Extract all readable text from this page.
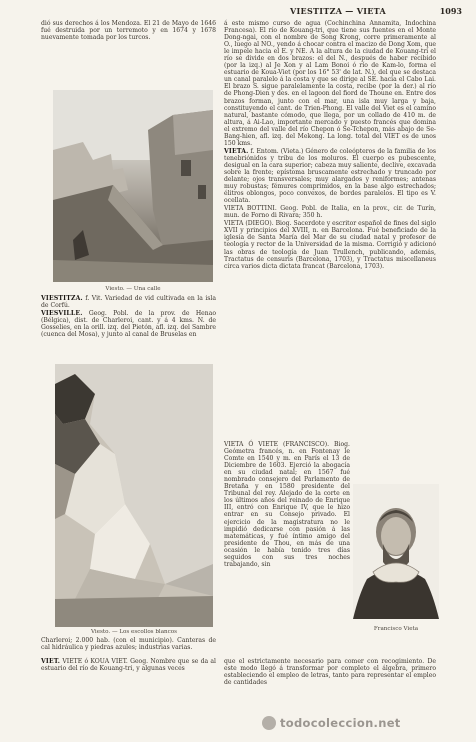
VIESTITZA — VIETA	1093

dió sus derechos á los Mendoza. El 21 de Mayo de 1646 fué destruida por un terremoto y en 1674 y 1678 nuevamente tomada por los turcos.

Viesto. — Una calle

VIESTITZA. f. Vit. Variedad de vid cultivada en la isla de Corfú.

VIESVILLE. Geog. Pobl. de la prov. de Henao (Bélgica), dist. de Charleroi, cant. y á 4 kms. N. de Gosselies, en la orill. izq. del Pietón, afl. izq. del Sambre (cuenca del Mosa), y junto al canal de Bruselas en

Viesto. — Los escollos blancos

Charleroi; 2.000 hab. (con el municipio). Canteras de cal hidráulica y piedras azules; industrias varias.

VIET. VIETE ó KOUA VIET. Geog. Nombre que se da al estuario del río de Kouang-tri, y algunas veces

á este mismo curso de agua (Cochinchina Annamita, Indochina Francesa). El río de Kouang-tri, que tiene sus fuentes en el Monte Dong-ngai, con el nombre de Song Krong, corre primeramente al O., luego al NO., yendo á chocar contra el macizo de Dong Xom, que le impele hacia el E. y NE. A la altura de la ciudad de Kouang-tri el río se divide en dos brazos: el del N., después de haber recibido (por la izq.) al Je Xon y al Lam Bonoi ó río de Kam-lo, forma el estuario de Koua-Viet (por los 16° 53' de lat. N.), del que se destaca un canal paralelo á la costa y que se dirige al SE. hacia el Cabo Lai. El brazo S. sigue paralelamente la costa, recibe (por la der.) al río de Phong-Dien y des. en el lagoon del fiord de Thoune en. Entre dos brazos forman, junto con el mar, una isla muy larga y baja, constituyendo el cant. de Trien-Phong. El valle del Viet es el camino natural, bastante cómodo, que llega, por un collado de 410 m. de altura, á Ai-Lao, importante mercado y puesto francés que domina el extremo del valle del río Chepon ó Se-Tchepon, más abajo de Se-Bang-hien, afl. izq. del Mekong. La long. total del VIET es de unos 150 kms.

VIETA. f. Entom. (Vieta.) Género de coleópteros de la familia de los tenebriónidos y tribu de los moluros. El cuerpo es pubescente, desigual en la cara superior; cabeza muy saliente, declive, excavada sobre la frente; epístoma bruscamente estrechado y truncado por delante; ojos transversales; muy alargados y reniformes; antenas muy robustas; fémures comprimidos, en la base algo estrechados; élitros oblongos, poco convexos, de bordes paralelos. El tipo es V. ocellata.

VIETA BOTTINI. Geog. Pobl. de Italia, en la prov., cir. de Turín, mun. de Forno di Rivara; 350 h.

VIETA (DIEGO). Biog. Sacerdote y escritor español de fines del siglo XVII y principios del XVIII, n. en Barcelona. Fué beneficiado de la iglesia de Santa María del Mar de su ciudad natal y profesor de teología y rector de la Universidad de la misma. Corrigió y adicionó las obras de teología de Juan Trullench, publicando, además, Tractatus de censuris (Barcelona, 1703), y Tractatus miscellaneus circa varios dicta dictata francat (Barcelona, 1703).

VIETA Ó VIETE (FRANCISCO). Biog. Geómetra francés, n. en Fontenay le Comte en 1540 y m. en París el 13 de Diciembre de 1603. Ejerció la abogacía en su ciudad natal; en 1567 fué nombrado consejero del Parlamento de Bretaña y en 1580 presidente del Tribunal del rey. Alejado de la corte en los últimos años del reinado de Enrique III, entró con Enrique IV, que le hizo entrar en su Consejo privado. El ejercicio de la magistratura no le impidió dedicarse con pasión á las matemáticas, y fué íntimo amigo del presidente de Thou, en más de una ocasión le había tenido tres días seguidos con sus tres noches trabajando, sin

Francisco Vieta

que el estrictamente necesario para comer con recogimiento. De este modo llegó á transformar por completo el álgebra, primero estableciendo el empleo de letras, tanto para representar el empleo de cantidades

todocoleccion.net
